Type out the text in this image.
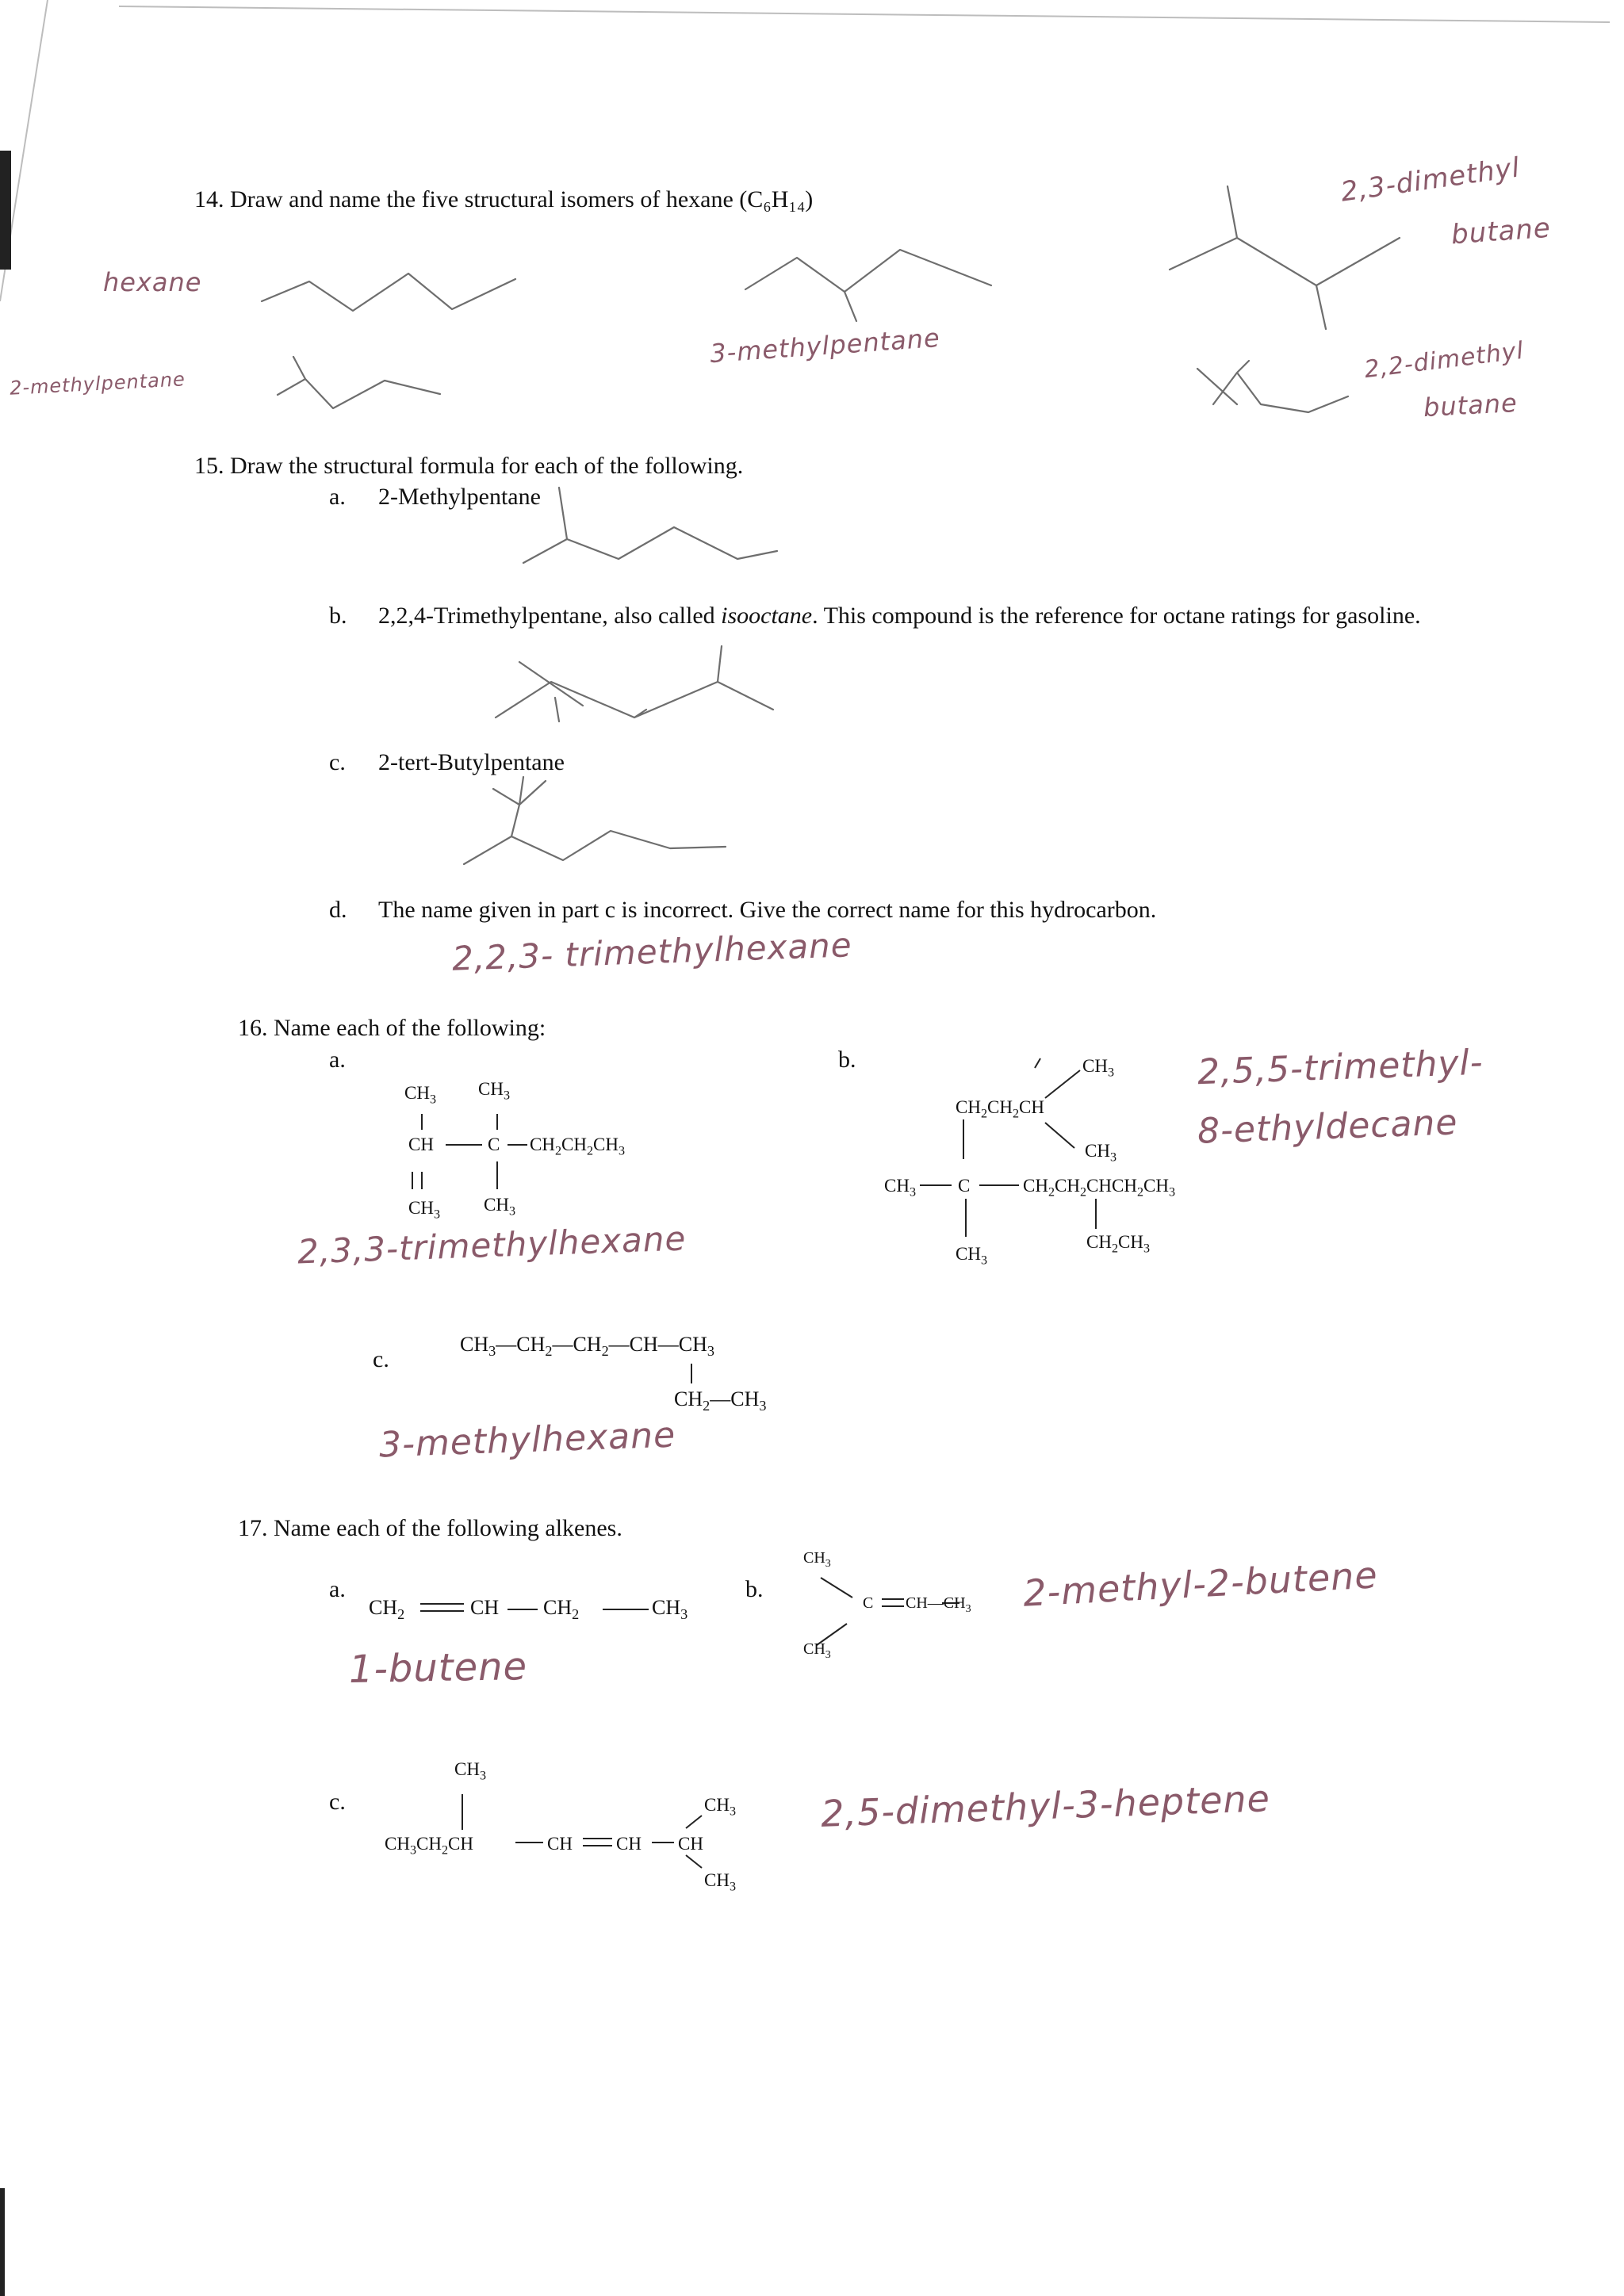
14. Draw and name the five structural isomers of hexane (C₆H₁₄)
hexane
2-methylpentane
3-methylpentane
2,3-dimethyl
butane
2,2-dimethyl
butane
15. Draw the structural formula for each of the following.
a. 2-Methylpentane
b. 2,2,4-Trimethylpentane, also called isooctane. This compound is the reference for octane ratings for gasoline.
c. 2-tert-Butylpentane
d. The name given in part c is incorrect. Give the correct name for this hydrocarbon.
2,2,3- trimethylhexane
16. Name each of the following:
a.	b.
$CH_3$
$CH_3$
CH	C $CH_2CH_2CH_3$
$CH_3$
$CH_3$
2,3,3-trimethylhexane
$CH_3$
$CH_2CH_2CH$
$CH_3$
$CH_3$ C	$CH_2CH_2CHCH_2CH_3$
$CH_3$
$CH_2CH_3$
2,5,5-trimethyl-
8-ethyldecane
c.
$CH_3—CH_2—CH_2—CH—CH_3$
$CH_2—CH_3$
3-methylhexane
17. Name each of the following alkenes.
a.
$CH_2$	CH $CH_2$	$CH_3$
1-butene
b.
$CH_3$
C $CH—CH_3$
$CH_3$
2-methyl-2-butene
c.
$CH_3$
$CH_3CH_2CH$	CH CH CH
$CH_3$
$CH_3$
2,5-dimethyl-3-heptene
